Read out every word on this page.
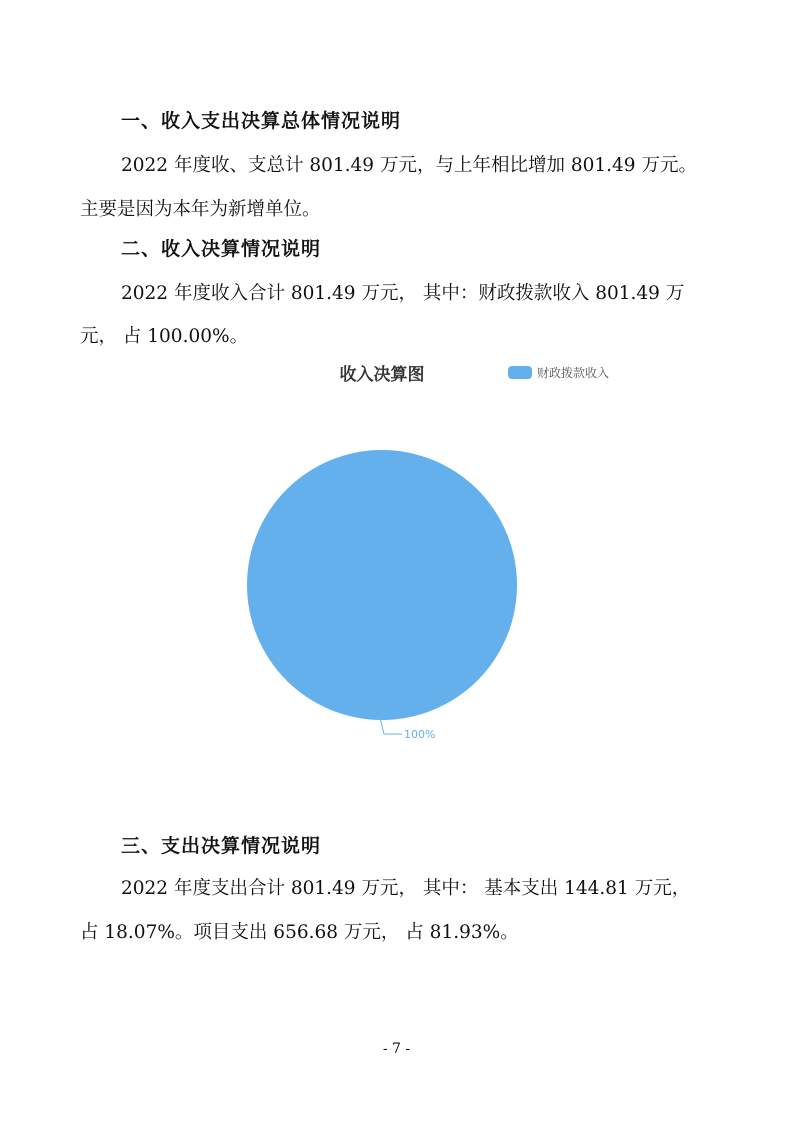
一、收入支出决算总体情况说明
2022 年度收、支总计 801.49 万元，与上年相比增加 801.49 万元。
主要是因为本年为新增单位。
二、收入决算情况说明
2022 年度收入合计 801.49 万元， 其中：财政拨款收入 801.49 万
元， 占 100.00%。
收入决算图	财政拨款收入
100%
三、支出决算情况说明
2022 年度支出合计 801.49 万元， 其中： 基本支出 144.81 万元，
占 18.07%。项目支出 656.68 万元， 占 81.93%。
- 7 -
